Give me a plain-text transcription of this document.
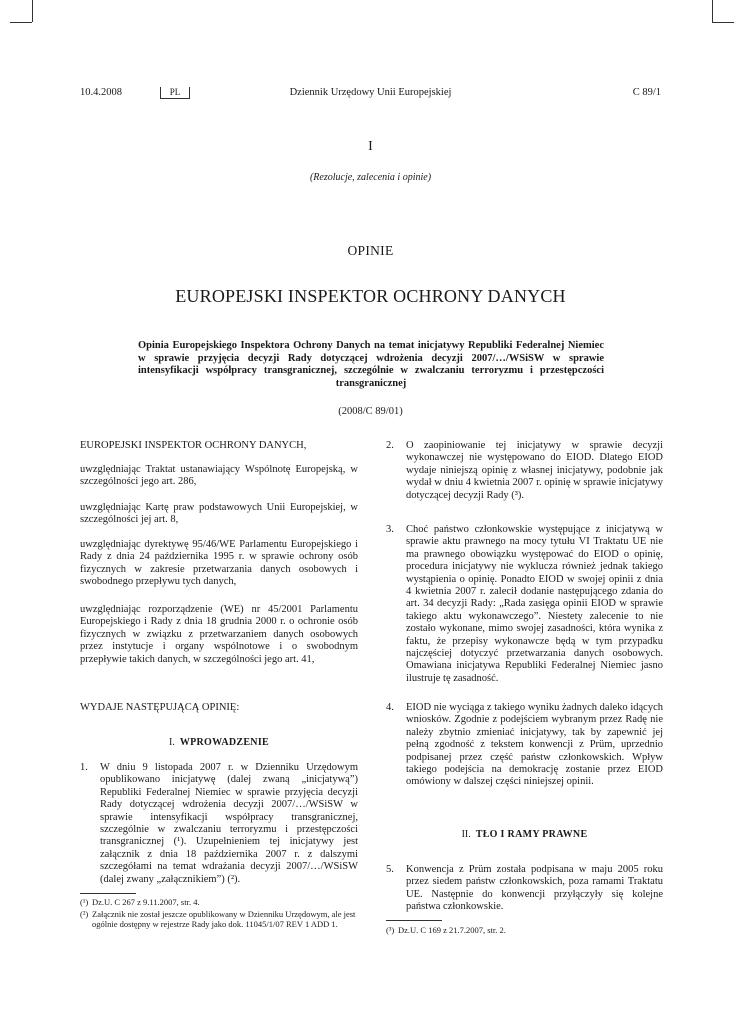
10.4.2008	PL	Dziennik Urzędowy Unii Europejskiej	C 89/1
I
(Rezolucje, zalecenia i opinie)
OPINIE
EUROPEJSKI INSPEKTOR OCHRONY DANYCH
Opinia Europejskiego Inspektora Ochrony Danych na temat inicjatywy Republiki Federalnej Niemiec w sprawie przyjęcia decyzji Rady dotyczącej wdrożenia decyzji 2007/…/WSiSW w sprawie intensyfikacji współpracy transgranicznej, szczególnie w zwalczaniu terroryzmu i przestępczości transgranicznej
(2008/C 89/01)

EUROPEJSKI INSPEKTOR OCHRONY DANYCH,

uwzględniając Traktat ustanawiający Wspólnotę Europejską, w szczególności jego art. 286,

uwzględniając Kartę praw podstawowych Unii Europejskiej, w szczególności jej art. 8,

uwzględniając dyrektywę 95/46/WE Parlamentu Europejskiego i Rady z dnia 24 października 1995 r. w sprawie ochrony osób fizycznych w zakresie przetwarzania danych osobowych i swobodnego przepływu tych danych,

uwzględniając rozporządzenie (WE) nr 45/2001 Parlamentu Europejskiego i Rady z dnia 18 grudnia 2000 r. o ochronie osób fizycznych w związku z przetwarzaniem danych osobowych przez instytucje i organy wspólnotowe i o swobodnym przepływie takich danych, w szczególności jego art. 41,

WYDAJE NASTĘPUJĄCĄ OPINIĘ:

I. WPROWADZENIE
1. W dniu 9 listopada 2007 r. w Dzienniku Urzędowym opublikowano inicjatywę (dalej zwaną „inicjatywą”) Republiki Federalnej Niemiec w sprawie przyjęcia decyzji Rady dotyczącej wdrożenia decyzji 2007/…/WSiSW w sprawie intensyfikacji współpracy transgranicznej, szczególnie w zwalczaniu terroryzmu i przestępczości transgranicznej (¹). Uzupełnieniem tej inicjatywy jest załącznik z dnia 18 października 2007 r. z dalszymi szczegółami na temat wdrażania decyzji 2007/…/WSiSW (dalej zwany „załącznikiem”) (²).

(¹) Dz.U. C 267 z 9.11.2007, str. 4.
(²) Załącznik nie został jeszcze opublikowany w Dzienniku Urzędowym, ale jest ogólnie dostępny w rejestrze Rady jako dok. 11045/1/07 REV 1 ADD 1.
2. O zaopiniowanie tej inicjatywy w sprawie decyzji wykonawczej nie występowano do EIOD. Dlatego EIOD wydaje niniejszą opinię z własnej inicjatywy, podobnie jak wydał w dniu 4 kwietnia 2007 r. opinię w sprawie inicjatywy dotyczącej decyzji Rady (³).

3. Choć państwo członkowskie występujące z inicjatywą w sprawie aktu prawnego na mocy tytułu VI Traktatu UE nie ma prawnego obowiązku występować do EIOD o opinię, procedura inicjatywy nie wyklucza również jednak takiego wystąpienia o opinię. Ponadto EIOD w swojej opinii z dnia 4 kwietnia 2007 r. zalecił dodanie następującego zdania do art. 34 decyzji Rady: „Rada zasięga opinii EIOD w sprawie takiego aktu wykonawczego”. Niestety zalecenie to nie zostało wykonane, mimo swojej zasadności, która wynika z faktu, że przepisy wykonawcze będą w tym przypadku najczęściej dotyczyć przetwarzania danych osobowych. Omawiana inicjatywa Republiki Federalnej Niemiec jasno ilustruje tę zasadność.

4. EIOD nie wyciąga z takiego wyniku żadnych daleko idących wniosków. Zgodnie z podejściem wybranym przez Radę nie należy zbytnio zmieniać inicjatywy, tak by zapewnić jej pełną zgodność z tekstem konwencji z Prüm, uprzednio podpisanej przez część państw członkowskich. Wpływ takiego podejścia na demokrację zostanie przez EIOD omówiony w dalszej części niniejszej opinii.

II. TŁO I RAMY PRAWNE
5. Konwencja z Prüm została podpisana w maju 2005 roku przez siedem państw członkowskich, poza ramami Traktatu UE. Następnie do konwencji przyłączyły się kolejne państwa członkowskie.

(³) Dz.U. C 169 z 21.7.2007, str. 2.
